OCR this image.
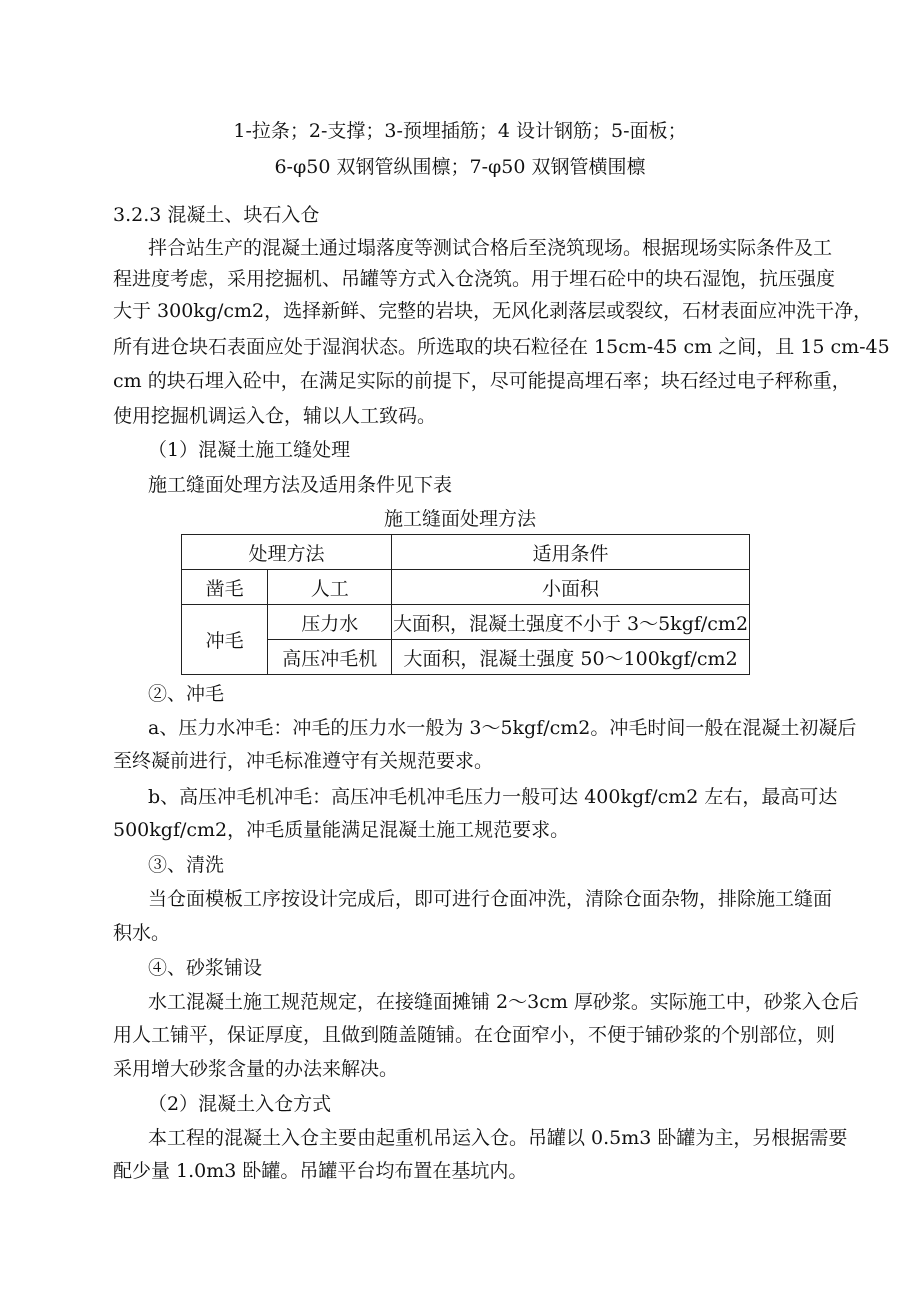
1-拉条；2-支撑；3-预埋插筋；4 设计钢筋；5-面板；
6-φ50 双钢管纵围檩；7-φ50 双钢管横围檩
3.2.3 混凝土、块石入仓
拌合站生产的混凝土通过塌落度等测试合格后至浇筑现场。根据现场实际条件及工
程进度考虑，采用挖掘机、吊罐等方式入仓浇筑。用于埋石砼中的块石湿饱，抗压强度
大于 300kg/cm2，选择新鲜、完整的岩块，无风化剥落层或裂纹，石材表面应冲洗干净，
所有进仓块石表面应处于湿润状态。所选取的块石粒径在 15cm-45 cm 之间，且 15 cm-45
cm 的块石埋入砼中，在满足实际的前提下，尽可能提高埋石率；块石经过电子秤称重，
使用挖掘机调运入仓，辅以人工致码。
（1）混凝土施工缝处理
施工缝面处理方法及适用条件见下表
施工缝面处理方法
处理方法		适用条件
凿毛	人工	小面积
冲毛	压力水	大面积，混凝土强度不小于 3～5kgf/cm2
	高压冲毛机	大面积，混凝土强度 50～100kgf/cm2
②、冲毛
a、压力水冲毛：冲毛的压力水一般为 3～5kgf/cm2。冲毛时间一般在混凝土初凝后
至终凝前进行，冲毛标准遵守有关规范要求。
b、高压冲毛机冲毛：高压冲毛机冲毛压力一般可达 400kgf/cm2 左右，最高可达
500kgf/cm2，冲毛质量能满足混凝土施工规范要求。
③、清洗
当仓面模板工序按设计完成后，即可进行仓面冲洗，清除仓面杂物，排除施工缝面
积水。
④、砂浆铺设
水工混凝土施工规范规定，在接缝面摊铺 2～3cm 厚砂浆。实际施工中，砂浆入仓后
用人工铺平，保证厚度，且做到随盖随铺。在仓面窄小，不便于铺砂浆的个别部位，则
采用增大砂浆含量的办法来解决。
（2）混凝土入仓方式
本工程的混凝土入仓主要由起重机吊运入仓。吊罐以 0.5m3 卧罐为主，另根据需要
配少量 1.0m3 卧罐。吊罐平台均布置在基坑内。
